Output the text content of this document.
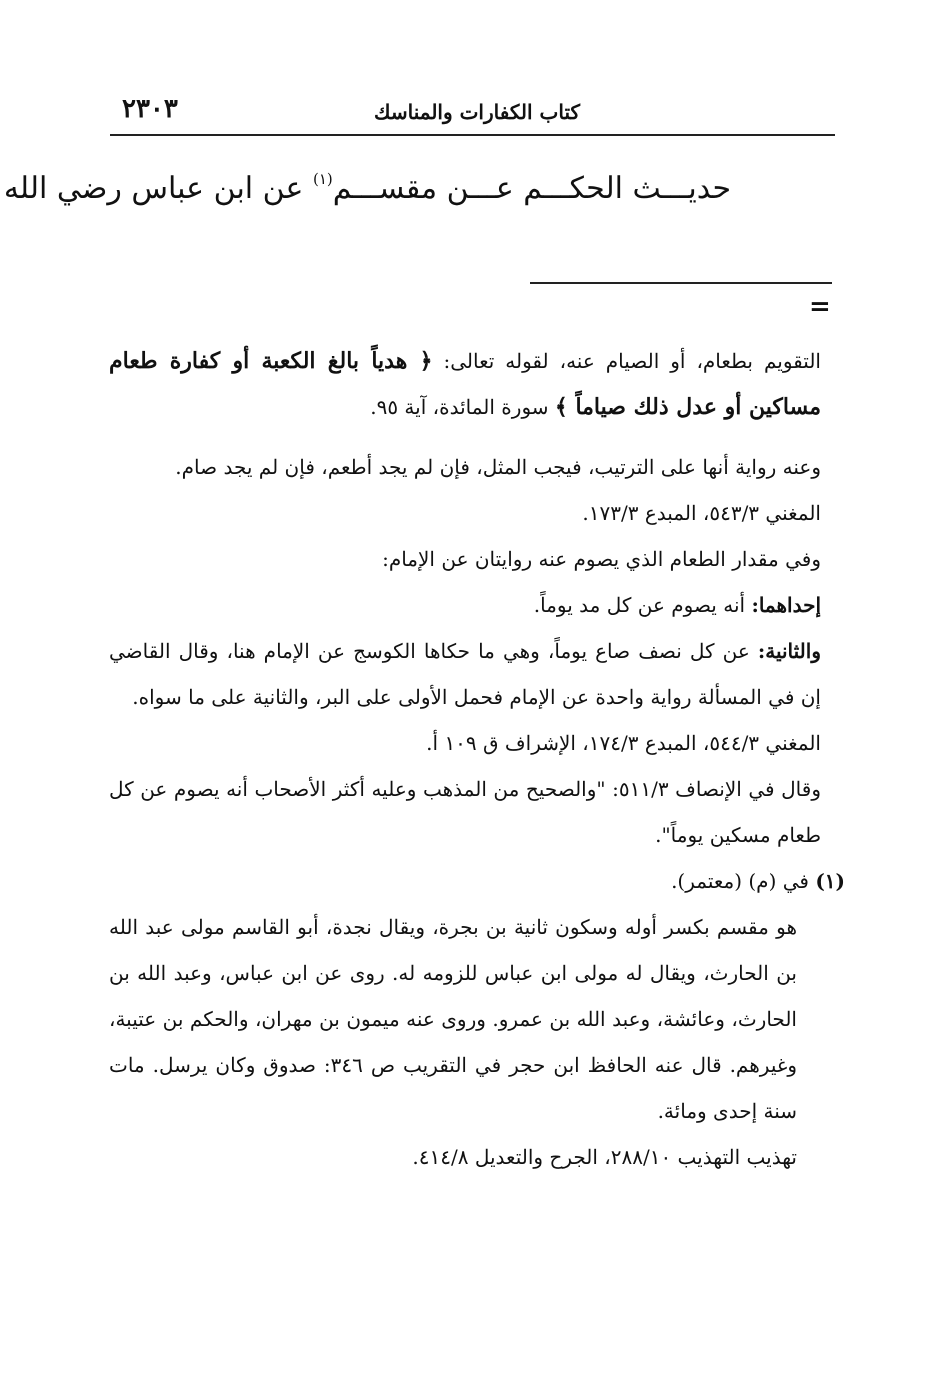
كتاب الكفارات والمناسك
٢٣٠٣
حديـــث الحكـــم عـــن مقســـم$^{(١)}$ عن ابن عباس رضي الله
=

التقويم بطعام، أو الصيام عنه، لقوله تعالى: ﴿ هدياً بالغ الكعبة أو كفارة طعام مساكين أو عدل ذلك صياماً ﴾ سورة المائدة، آية ٩٥.

وعنه رواية أنها على الترتيب، فيجب المثل، فإن لم يجد أطعم، فإن لم يجد صام.

المغني ٥٤٣/٣، المبدع ١٧٣/٣.

وفي مقدار الطعام الذي يصوم عنه روايتان عن الإمام:

إحداهما: أنه يصوم عن كل مد يوماً.

والثانية: عن كل نصف صاع يوماً، وهي ما حكاها الكوسج عن الإمام هنا، وقال القاضي إن في المسألة رواية واحدة عن الإمام فحمل الأولى على البر، والثانية على ما سواه.

المغني ٥٤٤/٣، المبدع ١٧٤/٣، الإشراف ق ١٠٩ أ.

وقال في الإنصاف ٥١١/٣: "والصحيح من المذهب وعليه أكثر الأصحاب أنه يصوم عن كل طعام مسكين يوماً".

(١) في (م) (معتمر).

هو مقسم بكسر أوله وسكون ثانية بن بجرة، ويقال نجدة، أبو القاسم مولى عبد الله بن الحارث، ويقال له مولى ابن عباس للزومه له. روى عن ابن عباس، وعبد الله بن الحارث، وعائشة، وعبد الله بن عمرو. وروى عنه ميمون بن مهران، والحكم بن عتيبة، وغيرهم. قال عنه الحافظ ابن حجر في التقريب ص ٣٤٦: صدوق وكان يرسل. مات سنة إحدى ومائة.

تهذيب التهذيب ٢٨٨/١٠، الجرح والتعديل ٤١٤/٨.
